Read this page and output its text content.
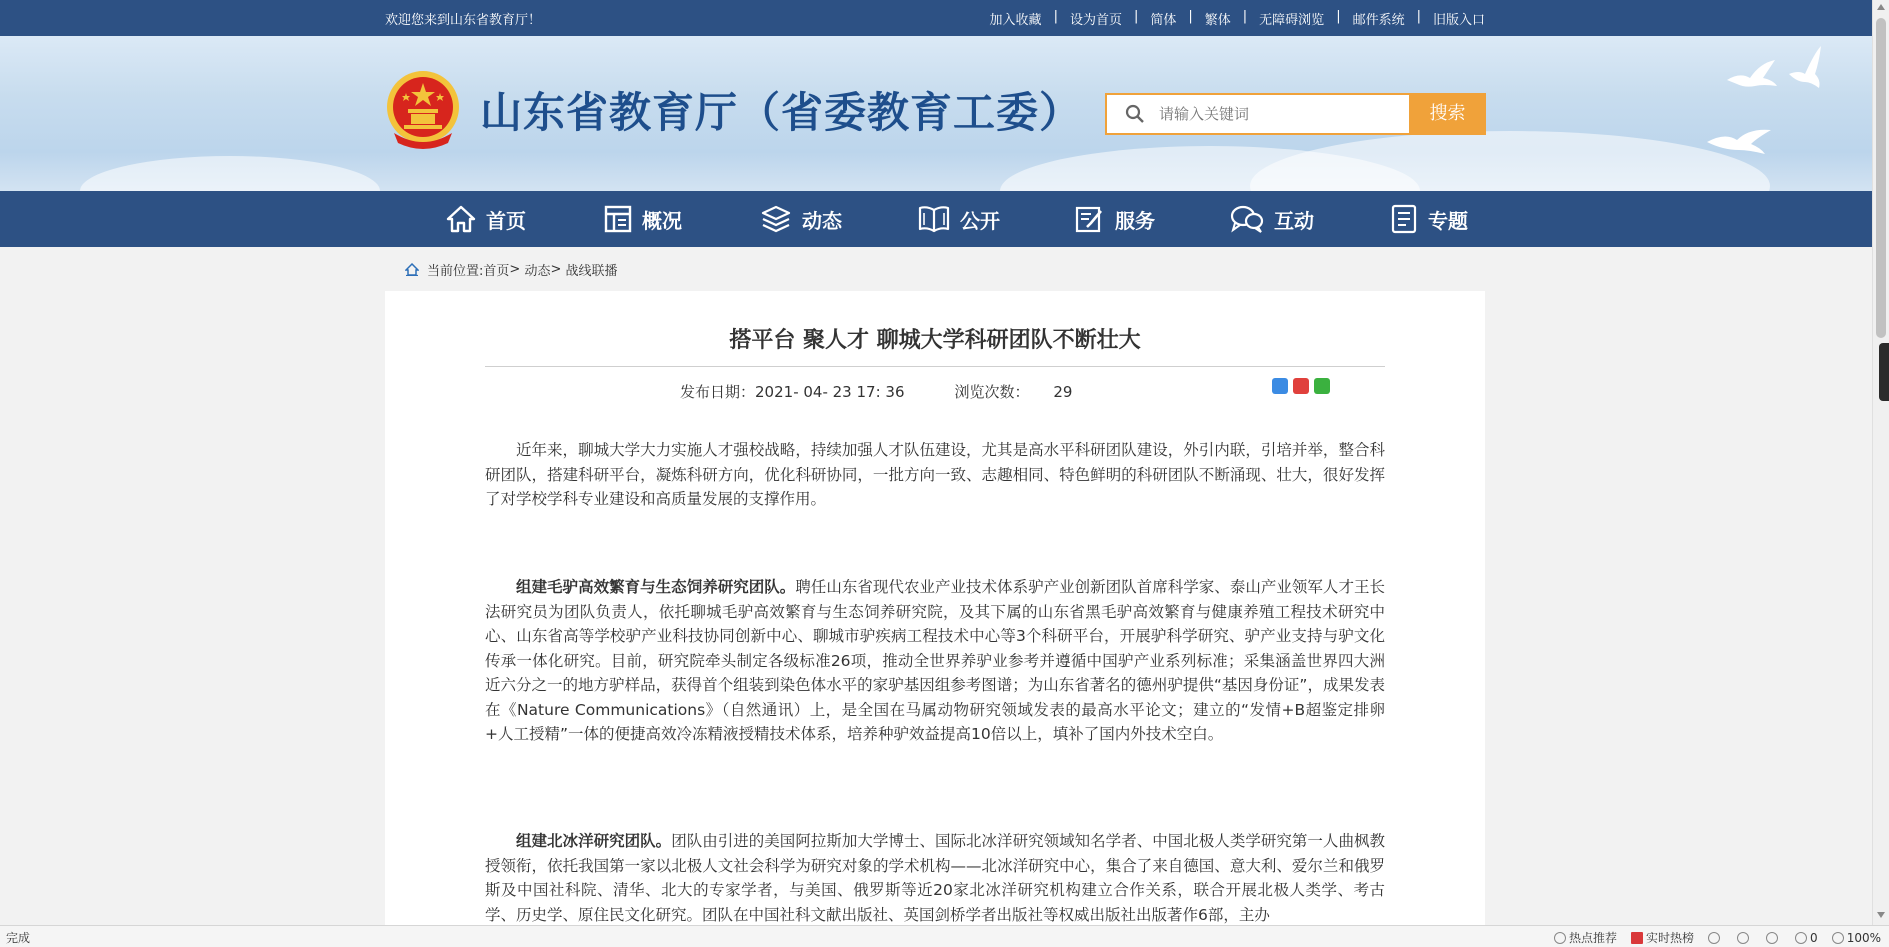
欢迎您来到山东省教育厅！	加入收藏 | 设为首页 | 简体 | 繁体 | 无障碍浏览 | 邮件系统 | 旧版入口
山东省教育厅（省委教育工委）
请输入关键词	搜索
首页	概况	动态	公开	服务	互动	专题
当前位置: 首页 > 动态 > 战线联播
搭平台 聚人才 聊城大学科研团队不断壮大
发布日期：2021- 04- 23 17: 36	浏览次数： 29

近年来，聊城大学大力实施人才强校战略，持续加强人才队伍建设，尤其是高水平科研团队建设，外引内联，引培并举，整合科研团队，搭建科研平台，凝炼科研方向，优化科研协同，一批方向一致、志趣相同、特色鲜明的科研团队不断涌现、壮大，很好发挥了对学校学科专业建设和高质量发展的支撑作用。

组建毛驴高效繁育与生态饲养研究团队。聘任山东省现代农业产业技术体系驴产业创新团队首席科学家、泰山产业领军人才王长法研究员为团队负责人，依托聊城毛驴高效繁育与生态饲养研究院，及其下属的山东省黑毛驴高效繁育与健康养殖工程技术研究中心、山东省高等学校驴产业科技协同创新中心、聊城市驴疾病工程技术中心等3个科研平台，开展驴科学研究、驴产业支持与驴文化传承一体化研究。目前，研究院牵头制定各级标准26项，推动全世界养驴业参考并遵循中国驴产业系列标准；采集涵盖世界四大洲近六分之一的地方驴样品，获得首个组装到染色体水平的家驴基因组参考图谱；为山东省著名的德州驴提供“基因身份证”，成果发表在《Nature Communications》（自然通讯）上，是全国在马属动物研究领域发表的最高水平论文；建立的“发情+B超鉴定排卵+人工授精”一体的便捷高效冷冻精液授精技术体系，培养种驴效益提高10倍以上，填补了国内外技术空白。

组建北冰洋研究团队。团队由引进的美国阿拉斯加大学博士、国际北冰洋研究领域知名学者、中国北极人类学研究第一人曲枫教授领衔，依托我国第一家以北极人文社会科学为研究对象的学术机构——北冰洋研究中心，集合了来自德国、意大利、爱尔兰和俄罗斯及中国社科院、清华、北大的专家学者，与美国、俄罗斯等近20家北冰洋研究机构建立合作关系，联合开展北极人类学、考古学、历史学、原住民文化研究。团队在中国社科文献出版社、英国剑桥学者出版社等权威出版社出版著作6部，主办

完成	热点推荐	实时热榜	0	100%
